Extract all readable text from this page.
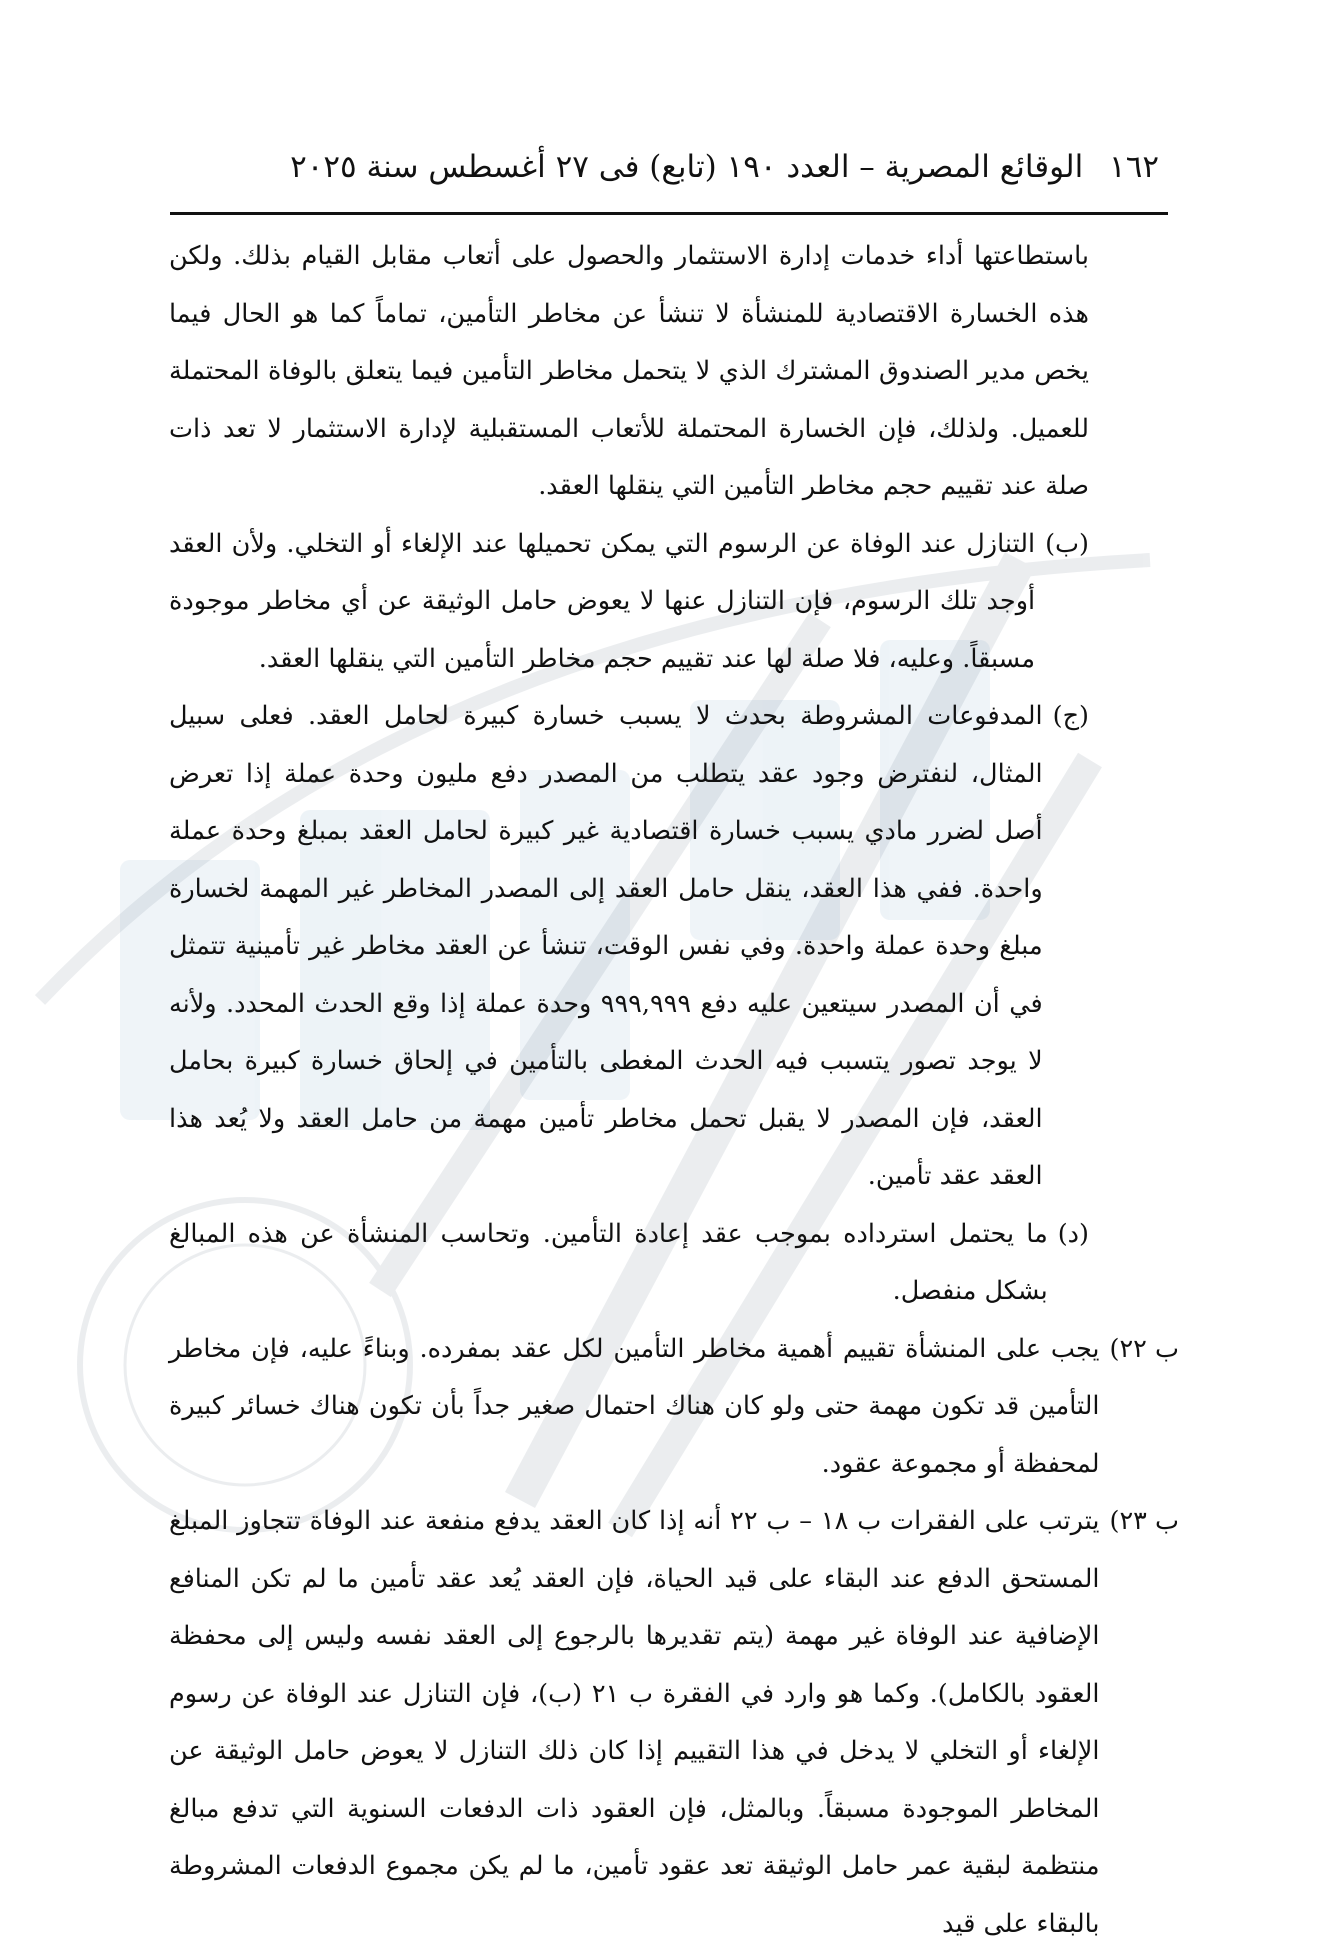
١٦٢ الوقائع المصرية – العدد ١٩٠ (تابع) فى ٢٧ أغسطس سنة ٢٠٢٥

باستطاعتها أداء خدمات إدارة الاستثمار والحصول على أتعاب مقابل القيام بذلك. ولكن هذه الخسارة الاقتصادية للمنشأة لا تنشأ عن مخاطر التأمين، تماماً كما هو الحال فيما يخص مدير الصندوق المشترك الذي لا يتحمل مخاطر التأمين فيما يتعلق بالوفاة المحتملة للعميل. ولذلك، فإن الخسارة المحتملة للأتعاب المستقبلية لإدارة الاستثمار لا تعد ذات صلة عند تقييم حجم مخاطر التأمين التي ينقلها العقد.

(ب)
التنازل عند الوفاة عن الرسوم التي يمكن تحميلها عند الإلغاء أو التخلي. ولأن العقد أوجد تلك الرسوم، فإن التنازل عنها لا يعوض حامل الوثيقة عن أي مخاطر موجودة مسبقاً. وعليه، فلا صلة لها عند تقييم حجم مخاطر التأمين التي ينقلها العقد.
(ج)
المدفوعات المشروطة بحدث لا يسبب خسارة كبيرة لحامل العقد. فعلى سبيل المثال، لنفترض وجود عقد يتطلب من المصدر دفع مليون وحدة عملة إذا تعرض أصل لضرر مادي يسبب خسارة اقتصادية غير كبيرة لحامل العقد بمبلغ وحدة عملة واحدة. ففي هذا العقد، ينقل حامل العقد إلى المصدر المخاطر غير المهمة لخسارة مبلغ وحدة عملة واحدة. وفي نفس الوقت، تنشأ عن العقد مخاطر غير تأمينية تتمثل في أن المصدر سيتعين عليه دفع ٩٩٩,٩٩٩ وحدة عملة إذا وقع الحدث المحدد. ولأنه لا يوجد تصور يتسبب فيه الحدث المغطى بالتأمين في إلحاق خسارة كبيرة بحامل العقد، فإن المصدر لا يقبل تحمل مخاطر تأمين مهمة من حامل العقد ولا يُعد هذا العقد عقد تأمين.
(د)
ما يحتمل استرداده بموجب عقد إعادة التأمين. وتحاسب المنشأة عن هذه المبالغ بشكل منفصل.
ب ٢٢)
يجب على المنشأة تقييم أهمية مخاطر التأمين لكل عقد بمفرده. وبناءً عليه، فإن مخاطر التأمين قد تكون مهمة حتى ولو كان هناك احتمال صغير جداً بأن تكون هناك خسائر كبيرة لمحفظة أو مجموعة عقود.
ب ٢٣)
يترتب على الفقرات ب ١٨ – ب ٢٢ أنه إذا كان العقد يدفع منفعة عند الوفاة تتجاوز المبلغ المستحق الدفع عند البقاء على قيد الحياة، فإن العقد يُعد عقد تأمين ما لم تكن المنافع الإضافية عند الوفاة غير مهمة (يتم تقديرها بالرجوع إلى العقد نفسه وليس إلى محفظة العقود بالكامل). وكما هو وارد في الفقرة ب ٢١ (ب)، فإن التنازل عند الوفاة عن رسوم الإلغاء أو التخلي لا يدخل في هذا التقييم إذا كان ذلك التنازل لا يعوض حامل الوثيقة عن المخاطر الموجودة مسبقاً. وبالمثل، فإن العقود ذات الدفعات السنوية التي تدفع مبالغ منتظمة لبقية عمر حامل الوثيقة تعد عقود تأمين، ما لم يكن مجموع الدفعات المشروطة بالبقاء على قيد
